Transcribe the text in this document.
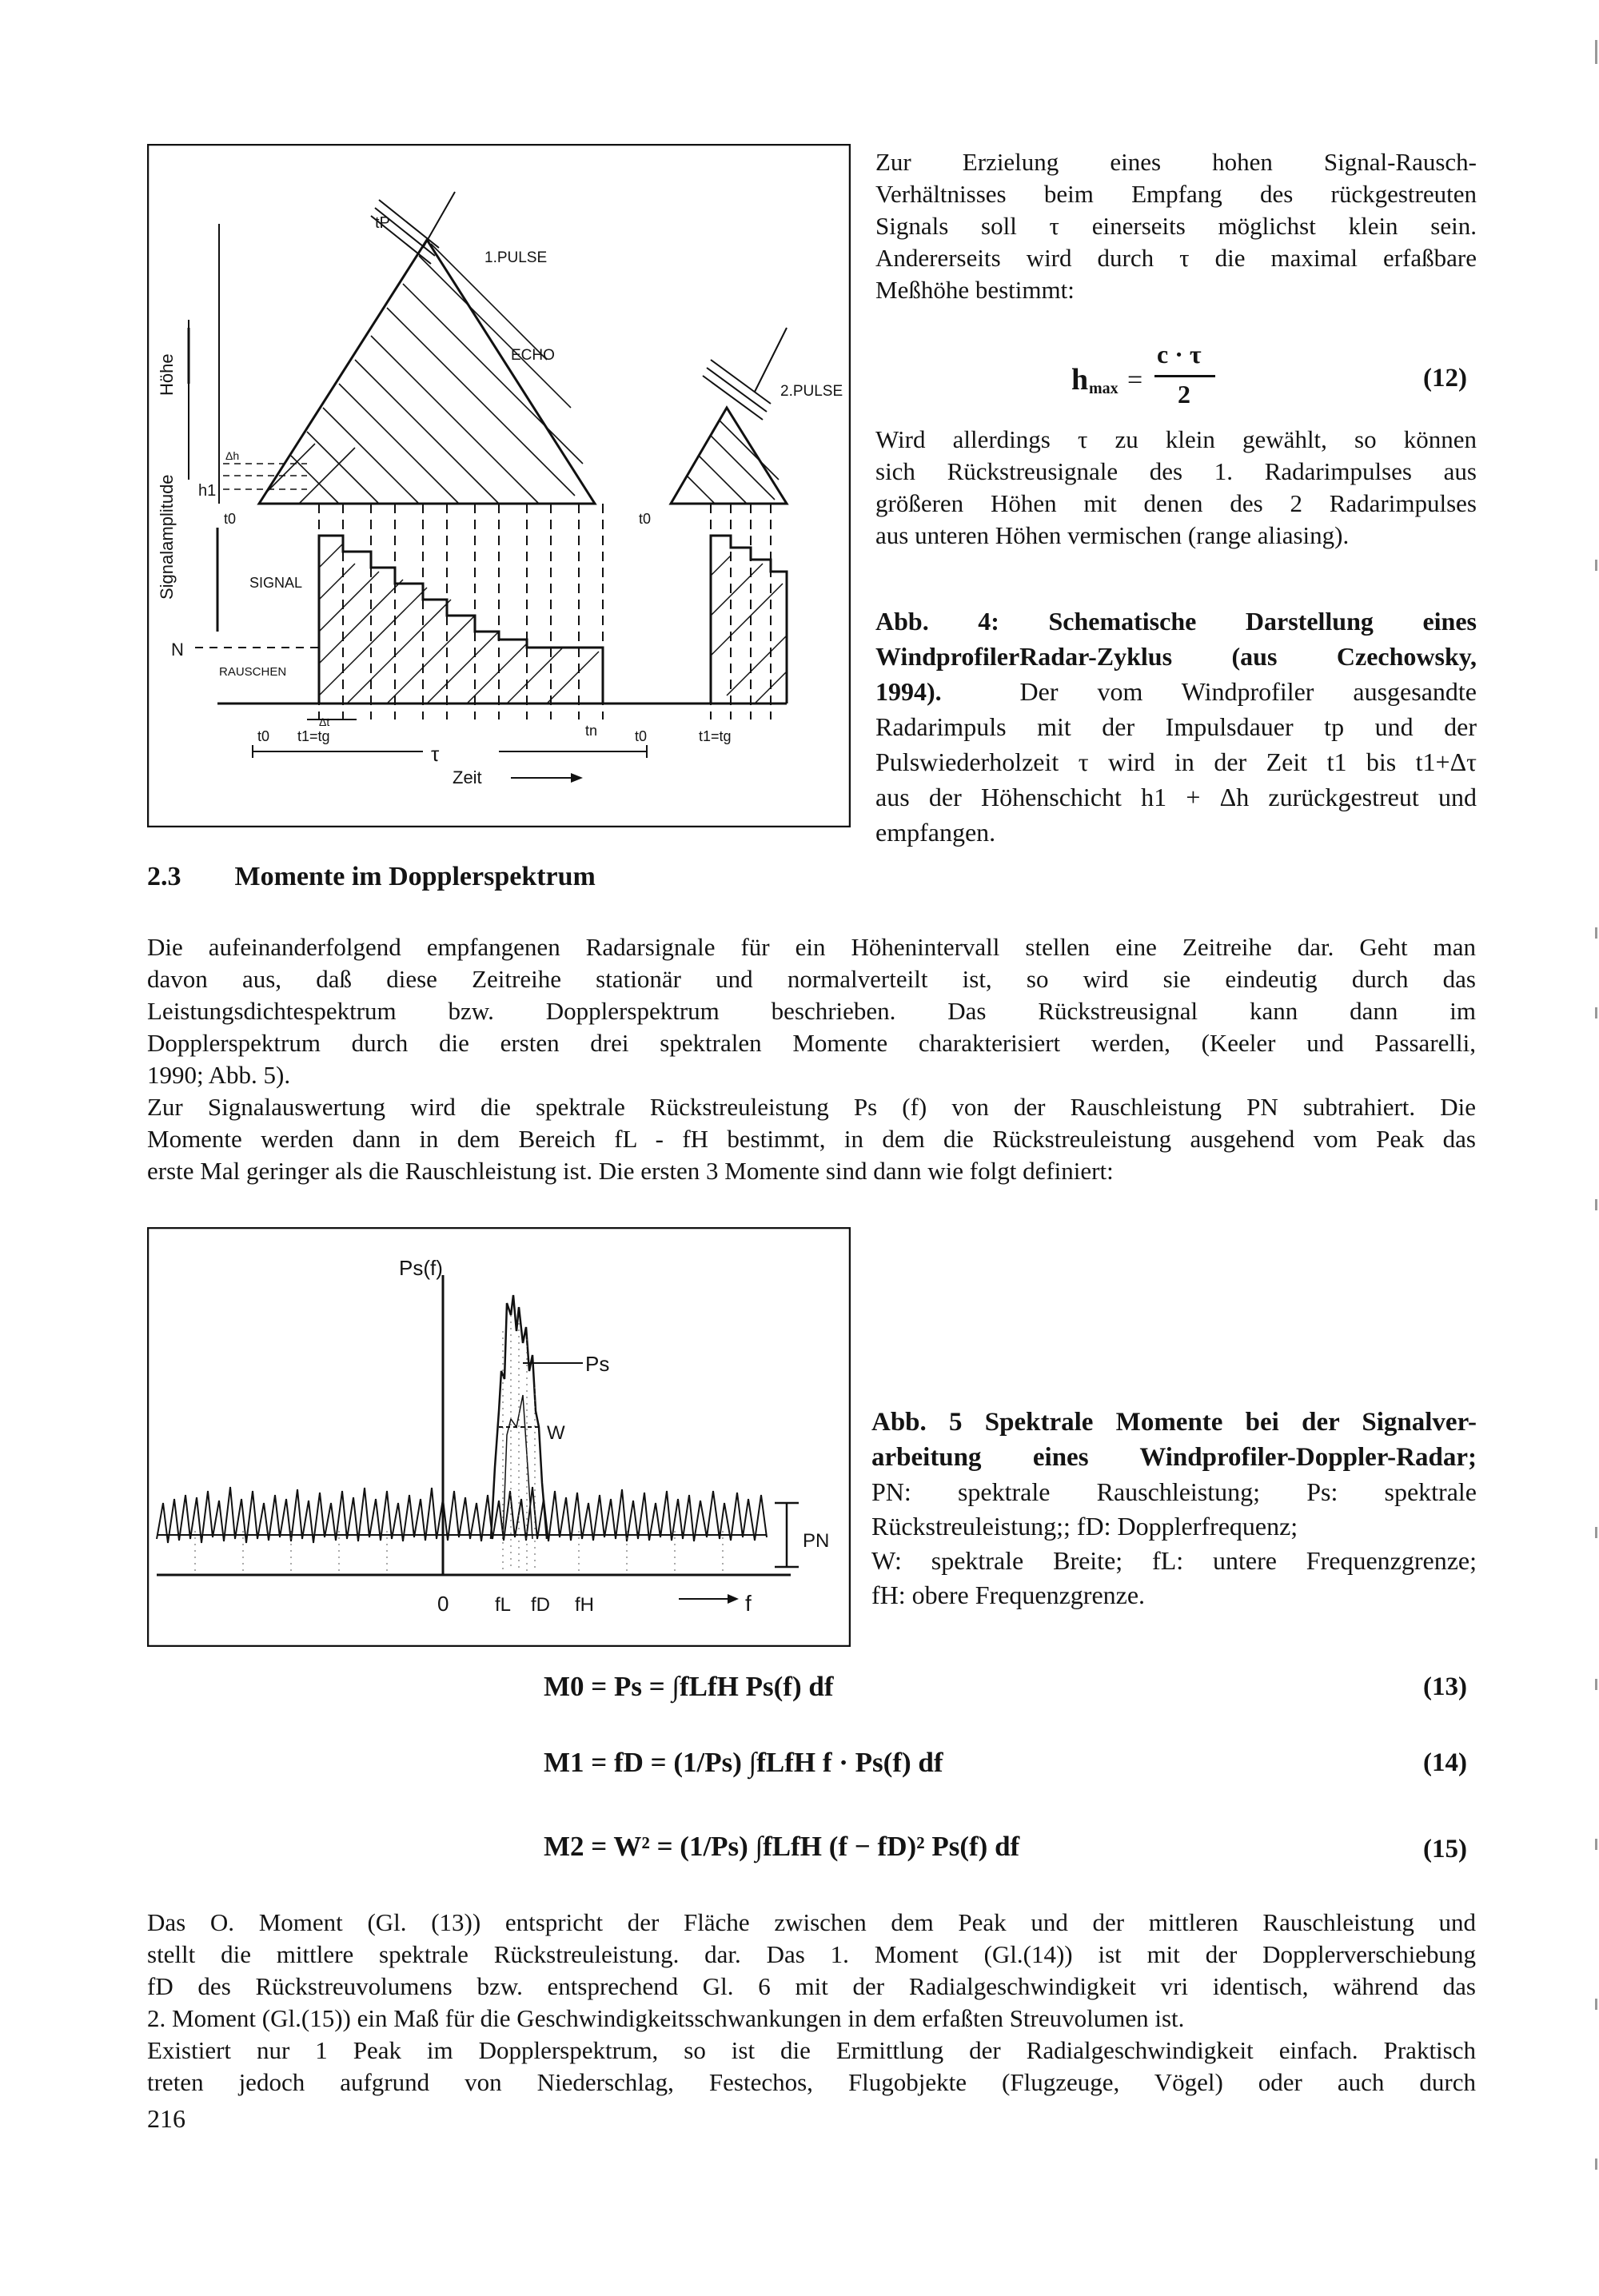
tP
1.PULSE
ECHO
2.PULSE
Höhe
h1
Δh
Signalamplitude	t0
SIGNAL
N
RAUSCHEN
t0
Δt
t0 t1=tg
τ
tn	t0	t1=tg
Zeit
Zur Erzielung eines hohen Signal-Rausch-
Verhältnisses beim Empfang des rückgestreuten
Signals soll τ einerseits möglichst klein sein.
Andererseits wird durch τ die maximal erfaßbare
Meßhöhe bestimmt:
h max =
c · τ
2
(12)
Wird allerdings τ zu klein gewählt, so können
sich Rückstreusignale des 1. Radarimpulses aus
größeren Höhen mit denen des 2 Radarimpulses
aus unteren Höhen vermischen (range aliasing).
Abb. 4: Schematische Darstellung eines
WindprofilerRadar-Zyklus (aus Czechowsky,
1994).	Der vom Windprofiler ausgesandte
Radarimpuls mit der Impulsdauer tp und der
Pulswiederholzeit τ wird in der Zeit t1 bis t1+Δτ
aus der Höhenschicht h1 + Δh zurückgestreut und
empfangen.
2.3 Momente im Dopplerspektrum
Die aufeinanderfolgend empfangenen Radarsignale für ein Höhenintervall stellen eine Zeitreihe dar. Geht man
davon aus, daß diese Zeitreihe stationär und normalverteilt ist, so wird sie eindeutig durch das
Leistungsdichtespektrum bzw. Dopplerspektrum beschrieben. Das Rückstreusignal kann dann im
Dopplerspektrum durch die ersten drei spektralen Momente charakterisiert werden, (Keeler und Passarelli,
1990; Abb. 5).
Zur Signalauswertung wird die spektrale Rückstreuleistung Ps (f) von der Rauschleistung PN subtrahiert. Die
Momente werden dann in dem Bereich fL - fH bestimmt, in dem die Rückstreuleistung ausgehend vom Peak das
erste Mal geringer als die Rauschleistung ist. Die ersten 3 Momente sind dann wie folgt definiert:
Ps(f)
Ps
W
PN
0 fL fD fH	f
Abb. 5 Spektrale Momente bei der Signalver-
arbeitung eines Windprofiler-Doppler-Radar;
PN: spektrale Rauschleistung; Ps: spektrale
Rückstreuleistung;; fD: Dopplerfrequenz;
W: spektrale Breite; fL: untere Frequenzgrenze;
fH: obere Frequenzgrenze.
M0 = Ps = ∫fLfH Ps(f) df	(13)
M1 = fD = (1/Ps) ∫fLfH f · Ps(f) df	(14)
M2 = W² = (1/Ps) ∫fLfH (f − fD)² Ps(f) df	(15)
Das O. Moment (Gl. (13)) entspricht der Fläche zwischen dem Peak und der mittleren Rauschleistung und
stellt die mittlere spektrale Rückstreuleistung. dar. Das 1. Moment (Gl.(14)) ist mit der Dopplerverschiebung
fD des Rückstreuvolumens bzw. entsprechend Gl. 6 mit der Radialgeschwindigkeit vri identisch, während das
2. Moment (Gl.(15)) ein Maß für die Geschwindigkeitsschwankungen in dem erfaßten Streuvolumen ist.
Existiert nur 1 Peak im Dopplerspektrum, so ist die Ermittlung der Radialgeschwindigkeit einfach. Praktisch
treten jedoch aufgrund von Niederschlag, Festechos, Flugobjekte (Flugzeuge, Vögel) oder auch durch
216
